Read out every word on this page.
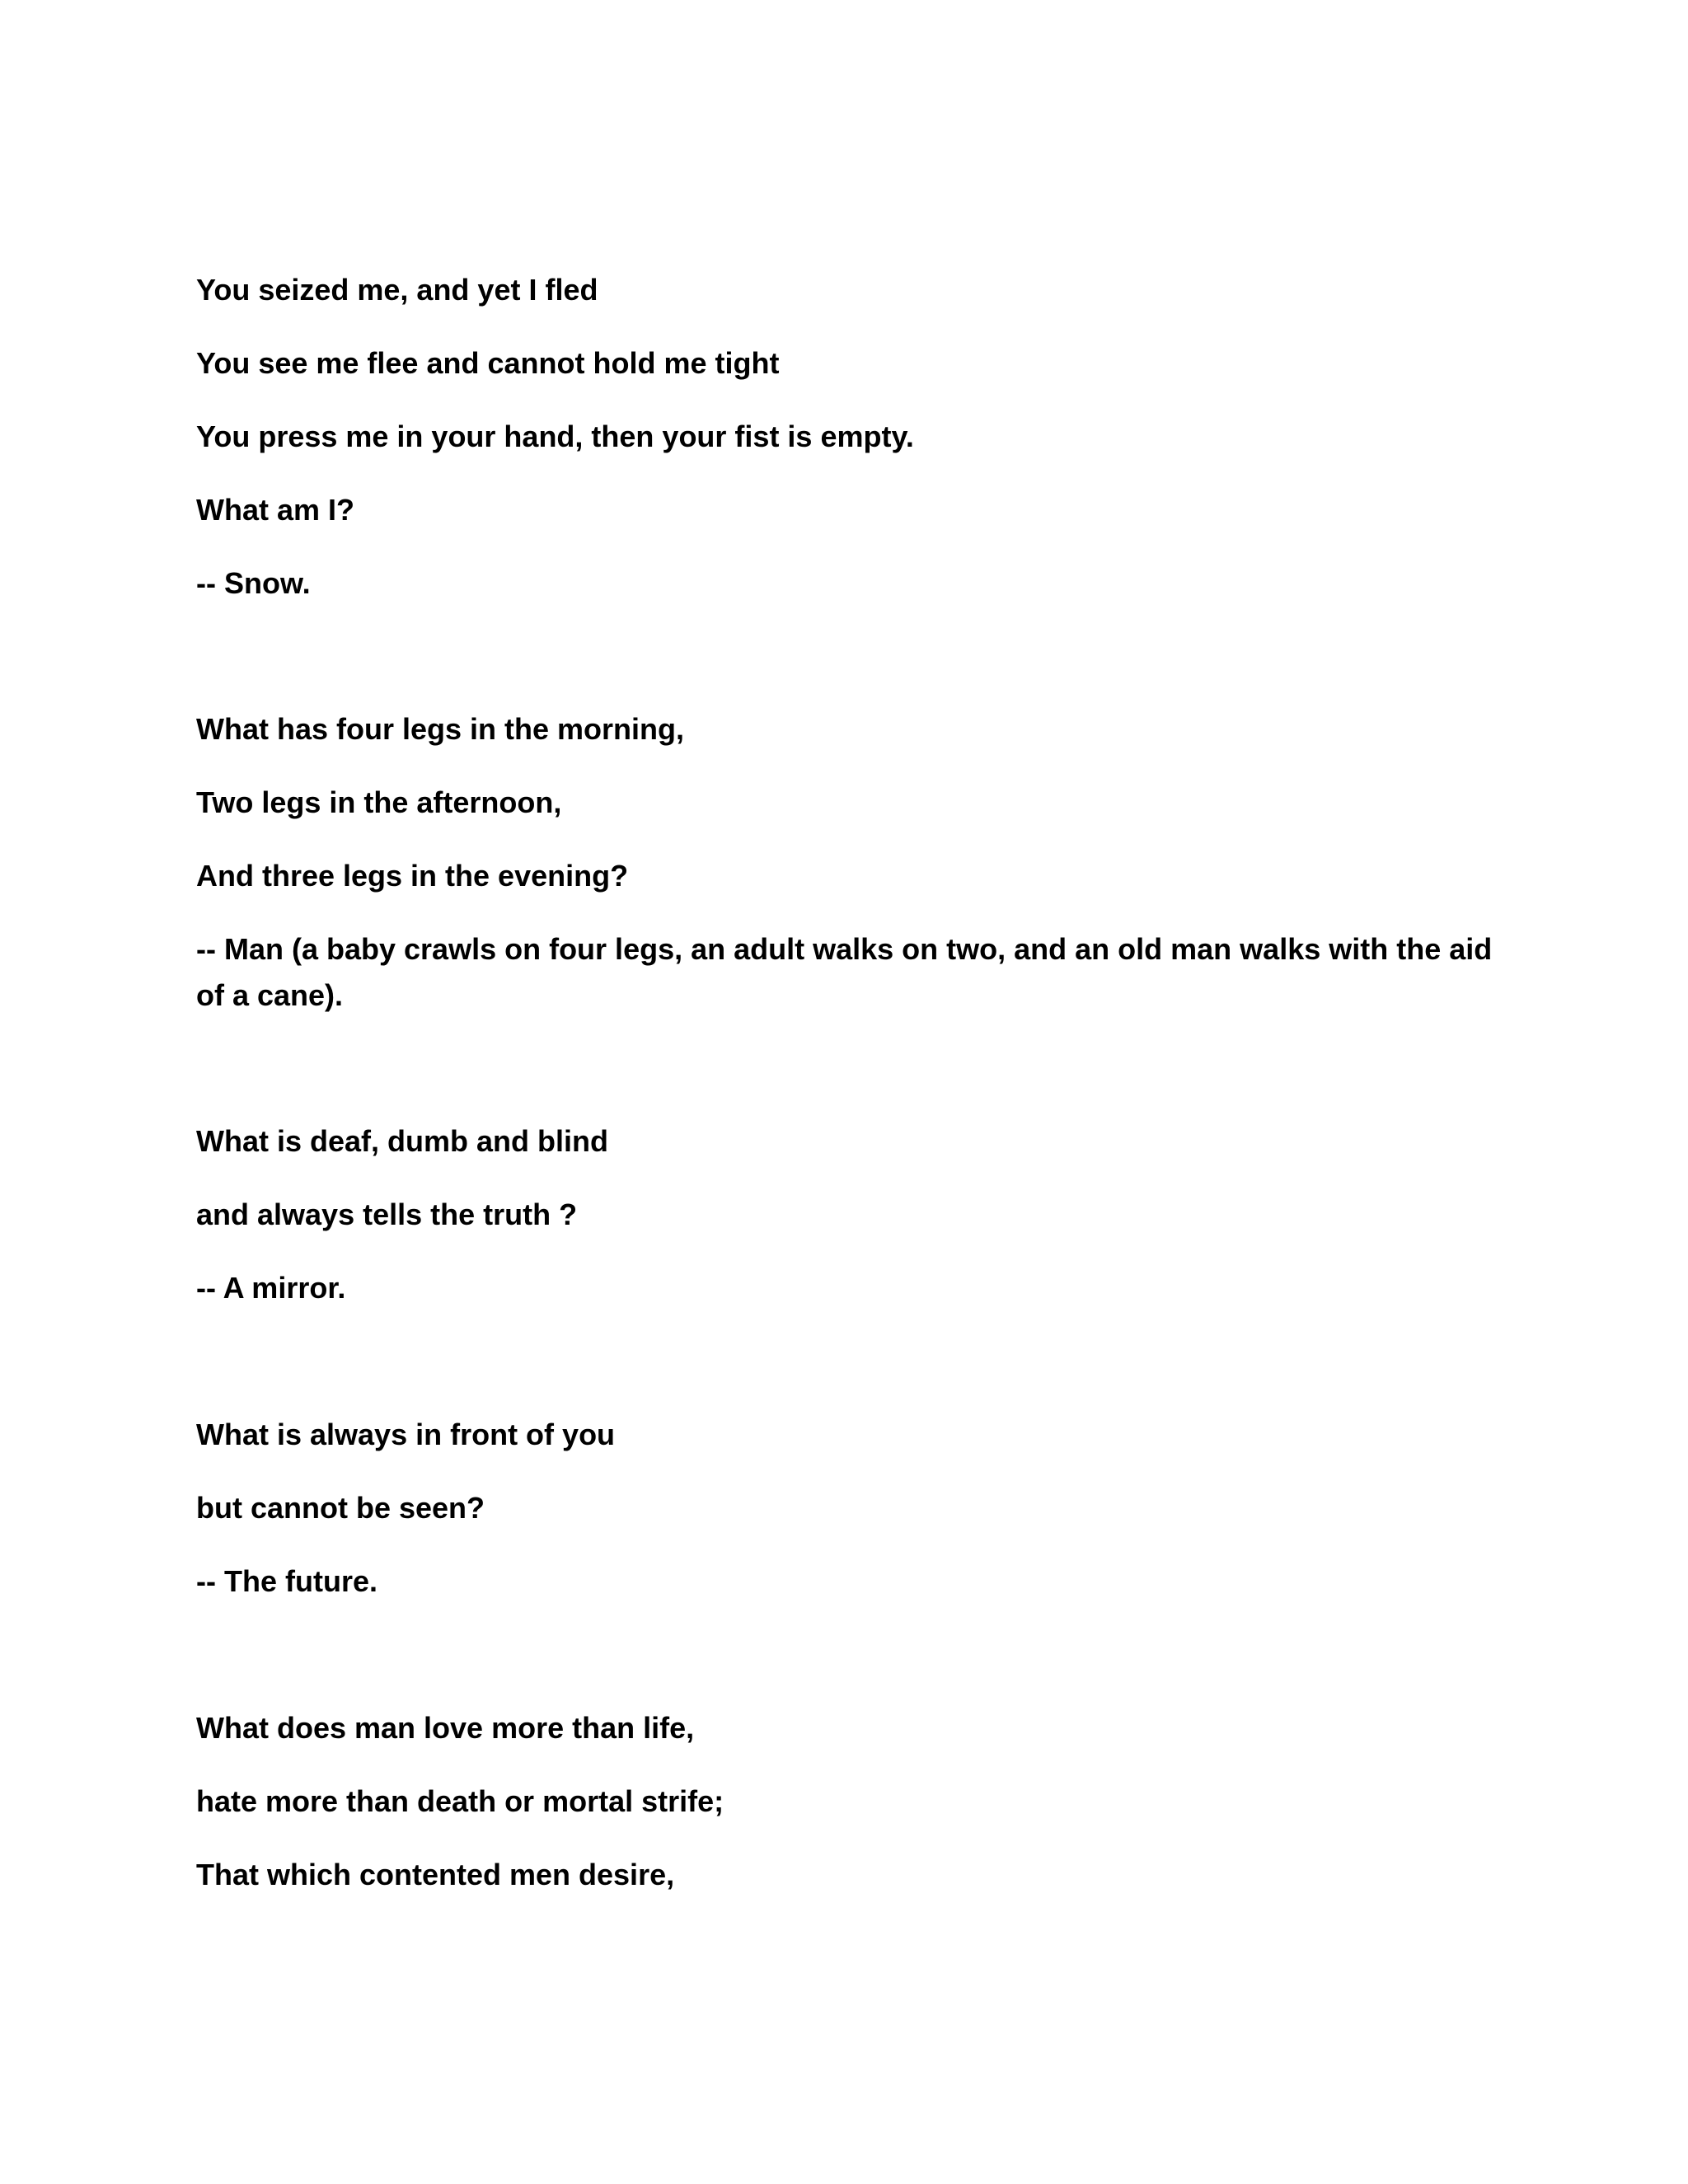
You seized me, and yet I fled

You see me flee and cannot hold me tight

You press me in your hand, then your fist is empty.

What am I?

-- Snow.

What has four legs in the morning,

Two legs in the afternoon,

And three legs in the evening?

-- Man (a baby crawls on four legs, an adult walks on two, and an old man walks with the aid of a cane).

What is deaf, dumb and blind

and always tells the truth ?

-- A mirror.

What is always in front of you

but cannot be seen?

-- The future.

What does man love more than life,

hate more than death or mortal strife;

That which contented men desire,
